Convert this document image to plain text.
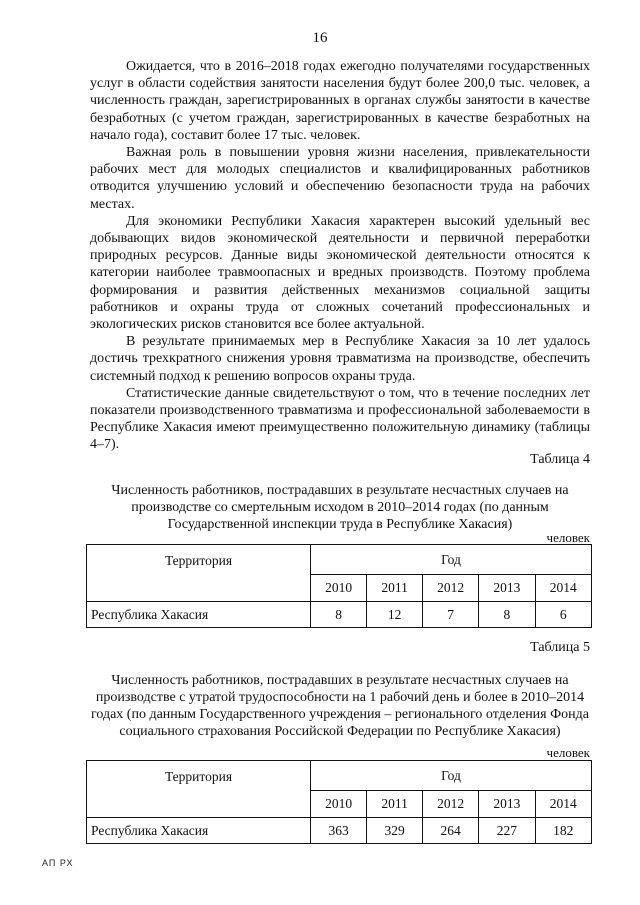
16

Ожидается, что в 2016–2018 годах ежегодно получателями государственных услуг в области содействия занятости населения будут более 200,0 тыс. человек, а численность граждан, зарегистрированных в органах службы занятости в качестве безработных (с учетом граждан, зарегистрированных в качестве безработных на начало года), составит более 17 тыс. человек.

Важная роль в повышении уровня жизни населения, привлекательности рабочих мест для молодых специалистов и квалифицированных работников отводится улучшению условий и обеспечению безопасности труда на рабочих местах.

Для экономики Республики Хакасия характерен высокий удельный вес добывающих видов экономической деятельности и первичной переработки природных ресурсов. Данные виды экономической деятельности относятся к категории наиболее травмоопасных и вредных производств. Поэтому проблема формирования и развития действенных механизмов социальной защиты работников и охраны труда от сложных сочетаний профессиональных и экологических рисков становится все более актуальной.

В результате принимаемых мер в Республике Хакасия за 10 лет удалось достичь трехкратного снижения уровня травматизма на производстве, обеспечить системный подход к решению вопросов охраны труда.

Статистические данные свидетельствуют о том, что в течение последних лет показатели производственного травматизма и профессиональной заболеваемости в Республике Хакасия имеют преимущественно положительную динамику (таблицы 4–7).

Таблица 4
Численность работников, пострадавших в результате несчастных случаев на производстве со смертельным исходом в 2010–2014 годах (по данным Государственной инспекции труда в Республике Хакасия)
человек
Территория	Год				
	2010	2011	2012	2013	2014
Республика Хакасия	8	12	7	8	6
Таблица 5
Численность работников, пострадавших в результате несчастных случаев на производстве с утратой трудоспособности на 1 рабочий день и более в 2010–2014 годах (по данным Государственного учреждения – регионального отделения Фонда социального страхования Российской Федерации по Республике Хакасия)
человек
Территория	Год				
	2010	2011	2012	2013	2014
Республика Хакасия	363	329	264	227	182
АП РХ
